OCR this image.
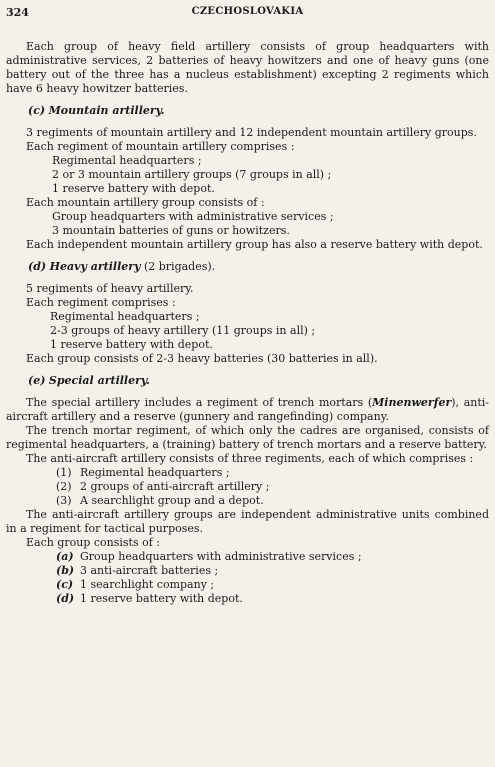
324	CZECHOSLOVAKIA
Each group of heavy field artillery consists of group headquarters with administrative services, 2 batteries of heavy howitzers and one of heavy guns (one battery out of the three has a nucleus establishment) excepting 2 regiments which have 6 heavy howitzer batteries.
(c) Mountain artillery.
3 regiments of mountain artillery and 12 independent mountain artillery groups.
Each regiment of mountain artillery comprises :
Regimental headquarters ;
2 or 3 mountain artillery groups (7 groups in all) ;
1 reserve battery with depot.
Each mountain artillery group consists of :
Group headquarters with administrative services ;
3 mountain batteries of guns or howitzers.
Each independent mountain artillery group has also a reserve battery with depot.
(d) Heavy artillery (2 brigades).
5 regiments of heavy artillery.
Each regiment comprises :
Regimental headquarters ;
2-3 groups of heavy artillery (11 groups in all) ;
1 reserve battery with depot.
Each group consists of 2-3 heavy batteries (30 batteries in all).
(e) Special artillery.
The special artillery includes a regiment of trench mortars (Minenwerfer), anti-aircraft artillery and a reserve (gunnery and rangefinding) company.
The trench mortar regiment, of which only the cadres are organised, consists of regimental headquarters, a (training) battery of trench mortars and a reserve battery.
The anti-aircraft artillery consists of three regiments, each of which comprises :
(1) Regimental headquarters ;
(2) 2 groups of anti-aircraft artillery ;
(3) A searchlight group and a depot.
The anti-aircraft artillery groups are independent administrative units combined in a regiment for tactical purposes.
Each group consists of :
(a) Group headquarters with administrative services ;
(b) 3 anti-aircraft batteries ;
(c) 1 searchlight company ;
(d) 1 reserve battery with depot.
